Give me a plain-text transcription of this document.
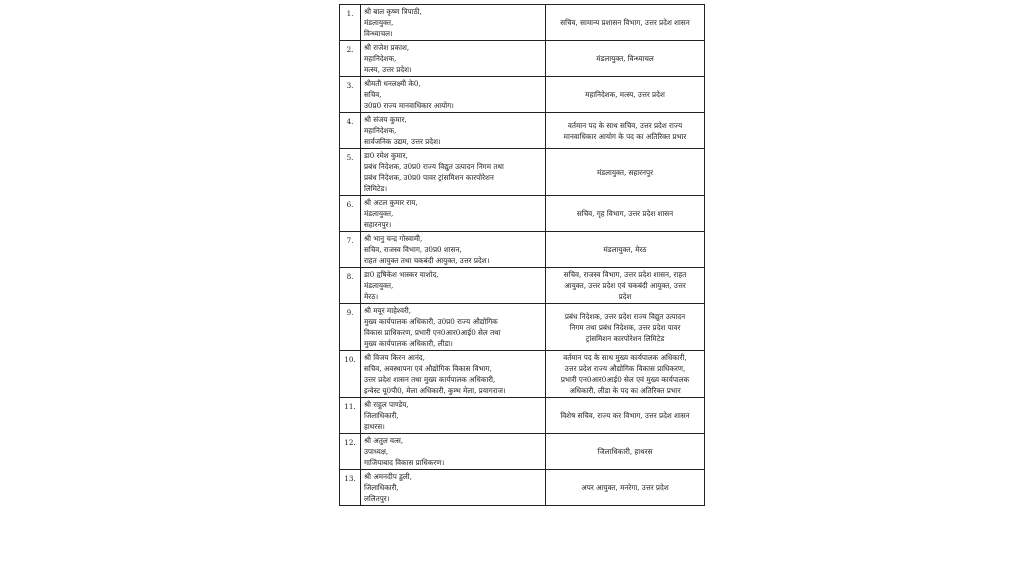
1.	श्री बाल कृष्ण त्रिपाठी,
मंडलायुक्त,
विन्ध्याचल।	सचिव, सामान्य प्रशासन विभाग, उत्तर प्रदेश शासन

2.	श्री राजेश प्रकाश,
महानिदेशक,
मत्स्य, उत्तर प्रदेश।	मंडलायुक्त, विन्ध्याचल

3.	श्रीमती धनलक्ष्मी के0,
सचिव,
उ0प्र0 राज्य मानवाधिकार आयोग।	महानिदेशक, मत्स्य, उत्तर प्रदेश

4.	श्री संजय कुमार,
महानिदेशक,
सार्वजनिक उद्यम, उत्तर प्रदेश।	वर्तमान पद के साथ सचिव, उत्तर प्रदेश राज्य
मानवाधिकार आयोग के पद का अतिरिक्त प्रभार

5.	डा0 रमेश कुमार,
प्रबंध निदेशक, उ0प्र0 राज्य विद्युत उत्पादन निगम तथा
प्रबंध निदेशक, उ0प्र0 पावर ट्रांसमिशन कारपोरेशन
लिमिटेड।	मंडलायुक्त, सहारनपुर

6.	श्री अटल कुमार राय,
मंडलायुक्त,
सहारनपुर।	सचिव, गृह विभाग, उत्तर प्रदेश शासन

7.	श्री भानु चन्द्र गोस्वामी,
सचिव, राजस्व विभाग, उ0प्र0 शासन,
राहत आयुक्त तथा चकबंदी आयुक्त, उत्तर प्रदेश।	मंडलायुक्त, मेरठ

8.	डा0 हृषिकेश भास्कर याशोद,
मंडलायुक्त,
मेरठ।	सचिव, राजस्व विभाग, उत्तर प्रदेश शासन, राहत
आयुक्त, उत्तर प्रदेश एवं चकबंदी आयुक्त, उत्तर
प्रदेश

9.	श्री मयूर माहेश्वरी,
मुख्य कार्यपालक अधिकारी, उ0प्र0 राज्य औद्योगिक
विकास प्राधिकरण, प्रभारी एन0आर0आई0 सेल तथा
मुख्य कार्यपालक अधिकारी, लीडा।	प्रबंध निदेशक, उत्तर प्रदेश राज्य विद्युत उत्पादन
निगम तथा प्रबंध निदेशक, उत्तर प्रदेश पावर
ट्रांसमिशन कारपोरेशन लिमिटेड

10.	श्री विजय किरन आनंद,
सचिव, अवस्थापना एवं औद्योगिक विकास विभाग,
उत्तर प्रदेश शासन तथा मुख्य कार्यपालक अधिकारी,
इन्वेस्ट यू0पी0, मेला अधिकारी, कुम्भ मेला, प्रयागराज।	वर्तमान पद के साथ मुख्य कार्यपालक अधिकारी,
उत्तर प्रदेश राज्य औद्योगिक विकास प्राधिकरण,
प्रभारी एन0आर0आई0 सेल एवं मुख्य कार्यपालक
अधिकारी, लीडा के पद का अतिरिक्त प्रभार

11.	श्री राहुल पाण्डेय,
जिलाधिकारी,
हाथरस।	विशेष सचिव, राज्य कर विभाग, उत्तर प्रदेश शासन

12.	श्री अतुल वत्स,
उपाध्यक्ष,
गाजियाबाद विकास प्राधिकरण।	जिलाधिकारी, हाथरस

13.	श्री अमनदीप डुली,
जिलाधिकारी,
ललितपुर।	अपर आयुक्त, मनरेगा, उत्तर प्रदेश
